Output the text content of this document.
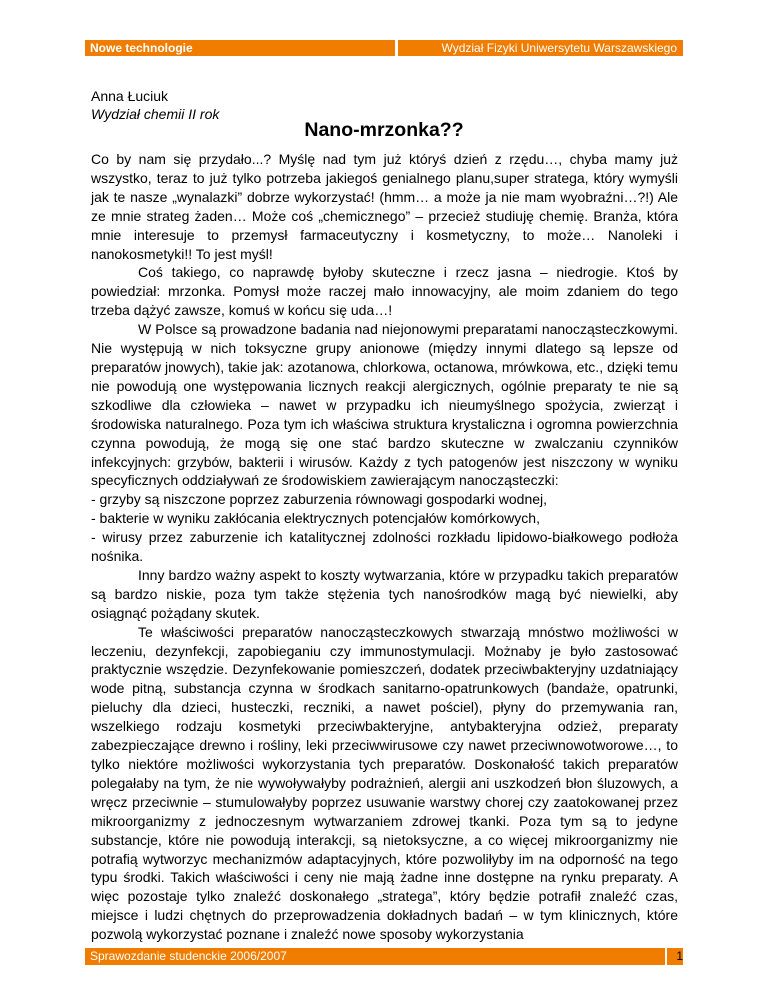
Nowe technologie	Wydział Fizyki Uniwersytetu Warszawskiego
Anna Łuciuk
Wydział chemii II rok
Nano-mrzonka??

Co by nam się przydało...? Myślę nad tym już któryś dzień z rzędu…, chyba mamy już wszystko, teraz to już tylko potrzeba jakiegoś genialnego planu,super stratega, który wymyśli jak te nasze „wynalazki” dobrze wykorzystać! (hmm… a może ja nie mam wyobraźni…?!) Ale ze mnie strateg żaden… Może coś „chemicznego” – przecież studiuję chemię. Branża, która mnie interesuje to przemysł farmaceutyczny i kosmetyczny, to może… Nanoleki i nanokosmetyki!! To jest myśl!

Coś takiego, co naprawdę byłoby skuteczne i rzecz jasna – niedrogie. Ktoś by powiedział: mrzonka. Pomysł może raczej mało innowacyjny, ale moim zdaniem do tego trzeba dążyć zawsze, komuś w końcu się uda…!

W Polsce są prowadzone badania nad niejonowymi preparatami nanocząsteczkowymi. Nie występują w nich toksyczne grupy anionowe (między innymi dlatego są lepsze od preparatów jnowych), takie jak: azotanowa, chlorkowa, octanowa, mrówkowa, etc., dzięki temu nie powodują one występowania licznych reakcji alergicznych, ogólnie preparaty te nie są szkodliwe dla człowieka – nawet w przypadku ich nieumyślnego spożycia, zwierząt i środowiska naturalnego. Poza tym ich właściwa struktura krystaliczna i ogromna powierzchnia czynna powodują, że mogą się one stać bardzo skuteczne w zwalczaniu czynników infekcyjnych: grzybów, bakterii i wirusów. Każdy z tych patogenów jest niszczony w wyniku specyficznych oddziaływań ze środowiskiem zawierającym nanocząsteczki:

- grzyby są niszczone poprzez zaburzenia równowagi gospodarki wodnej,

- bakterie w wyniku zakłócania elektrycznych potencjałów komórkowych,

- wirusy przez zaburzenie ich katalitycznej zdolności rozkładu lipidowo-białkowego podłoża nośnika.

Inny bardzo ważny aspekt to koszty wytwarzania, które w przypadku takich preparatów są bardzo niskie, poza tym także stężenia tych nanośrodków magą być niewielki, aby osiągnąć pożądany skutek.

Te właściwości preparatów nanocząsteczkowych stwarzają mnóstwo możliwości w leczeniu, dezynfekcji, zapobieganiu czy immunostymulacji. Możnaby je było zastosować praktycznie wszędzie. Dezynfekowanie pomieszczeń, dodatek przeciwbakteryjny uzdatniający wode pitną, substancja czynna w środkach sanitarno-opatrunkowych (bandaże, opatrunki, pieluchy dla dzieci, husteczki, reczniki, a nawet pościel), płyny do przemywania ran, wszelkiego rodzaju kosmetyki przeciwbakteryjne, antybakteryjna odzież, preparaty zabezpieczające drewno i rośliny, leki przeciwwirusowe czy nawet przeciwnowotworowe…, to tylko niektóre możliwości wykorzystania tych preparatów. Doskonałość takich preparatów polegałaby na tym, że nie wywoływałyby podrażnień, alergii ani uszkodzeń błon śluzowych, a wręcz przeciwnie – stumulowałyby poprzez usuwanie warstwy chorej czy zaatokowanej przez mikroorganizmy z jednoczesnym wytwarzaniem zdrowej tkanki. Poza tym są to jedyne substancje, które nie powodują interakcji, są nietoksyczne, a co więcej mikroorganizmy nie potrafią wytworzyc mechanizmów adaptacyjnych, które pozwoliłyby im na odporność na tego typu środki. Takich właściwości i ceny nie mają żadne inne dostępne na rynku preparaty. A więc pozostaje tylko znaleźć doskonałego „stratega”, który będzie potrafił znaleźć czas, miejsce i ludzi chętnych do przeprowadzenia dokładnych badań – w tym klinicznych, które pozwolą wykorzystać poznane i znaleźć nowe sposoby wykorzystania

Sprawozdanie studenckie 2006/2007	1
